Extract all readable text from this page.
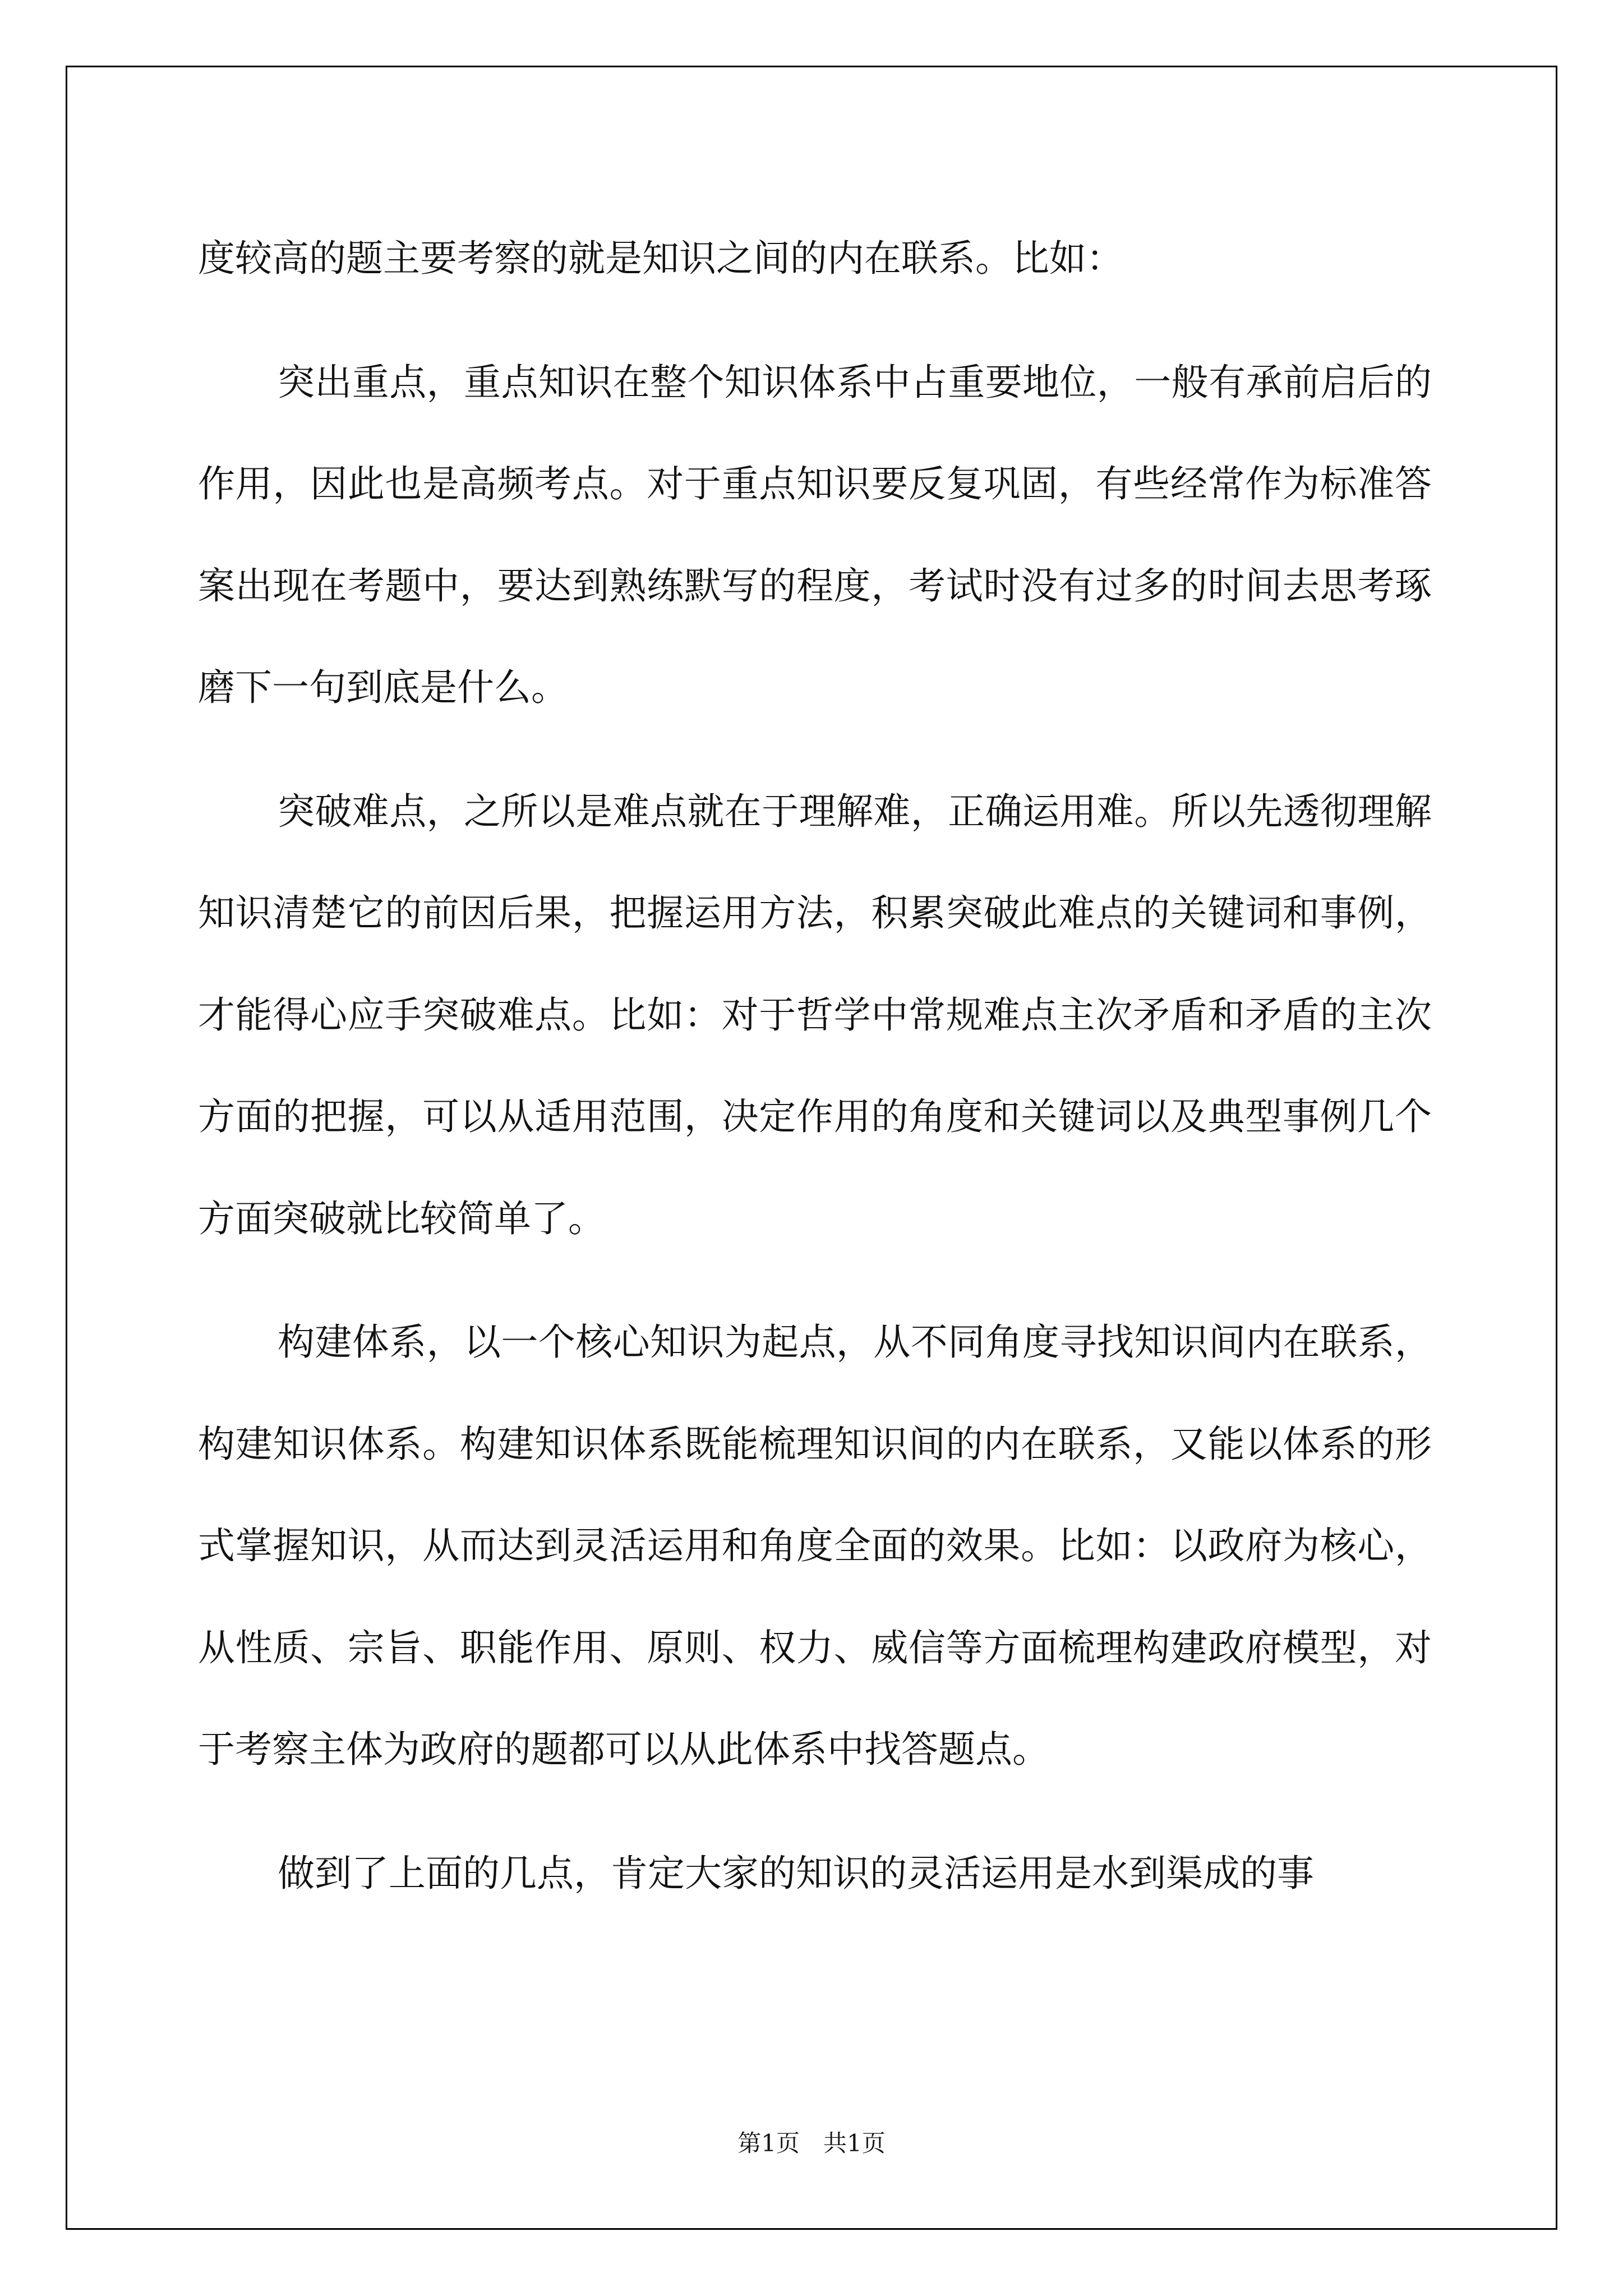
度较高的题主要考察的就是知识之间的内在联系。比如：

突出重点，重点知识在整个知识体系中占重要地位，一般有承前启后的作用，因此也是高频考点。对于重点知识要反复巩固，有些经常作为标准答案出现在考题中，要达到熟练默写的程度，考试时没有过多的时间去思考琢磨下一句到底是什么。

突破难点，之所以是难点就在于理解难，正确运用难。所以先透彻理解知识清楚它的前因后果，把握运用方法，积累突破此难点的关键词和事例，才能得心应手突破难点。比如：对于哲学中常规难点主次矛盾和矛盾的主次方面的把握，可以从适用范围，决定作用的角度和关键词以及典型事例几个方面突破就比较简单了。

构建体系，以一个核心知识为起点，从不同角度寻找知识间内在联系，构建知识体系。构建知识体系既能梳理知识间的内在联系，又能以体系的形式掌握知识，从而达到灵活运用和角度全面的效果。比如：以政府为核心，从性质、宗旨、职能作用、原则、权力、威信等方面梳理构建政府模型，对于考察主体为政府的题都可以从此体系中找答题点。

做到了上面的几点，肯定大家的知识的灵活运用是水到渠成的事

第1页　共1页
